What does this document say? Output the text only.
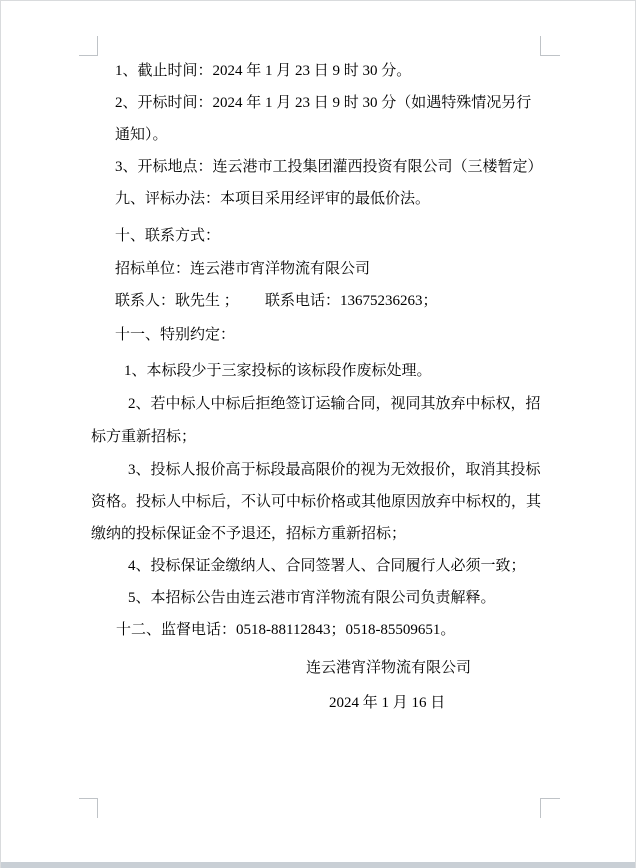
1、截止时间：2024 年 1 月 23 日 9 时 30 分。
2、开标时间：2024 年 1 月 23 日 9 时 30 分（如遇特殊情况另行
通知）。
3、开标地点：连云港市工投集团灌西投资有限公司（三楼暂定）
九、评标办法：本项目采用经评审的最低价法。
十、联系方式：
招标单位：连云港市宵洋物流有限公司
联系人：耿先生 ；       联系电话：13675236263；
十一、特别约定：
1、本标段少于三家投标的该标段作废标处理。
2、若中标人中标后拒绝签订运输合同，视同其放弃中标权，招
标方重新招标；
3、投标人报价高于标段最高限价的视为无效报价，取消其投标
资格。投标人中标后，不认可中标价格或其他原因放弃中标权的，其
缴纳的投标保证金不予退还，招标方重新招标；
4、投标保证金缴纳人、合同签署人、合同履行人必须一致；
5、本招标公告由连云港市宵洋物流有限公司负责解释。
十二、监督电话：0518-88112843；0518-85509651。
连云港宵洋物流有限公司
2024 年 1 月 16 日
